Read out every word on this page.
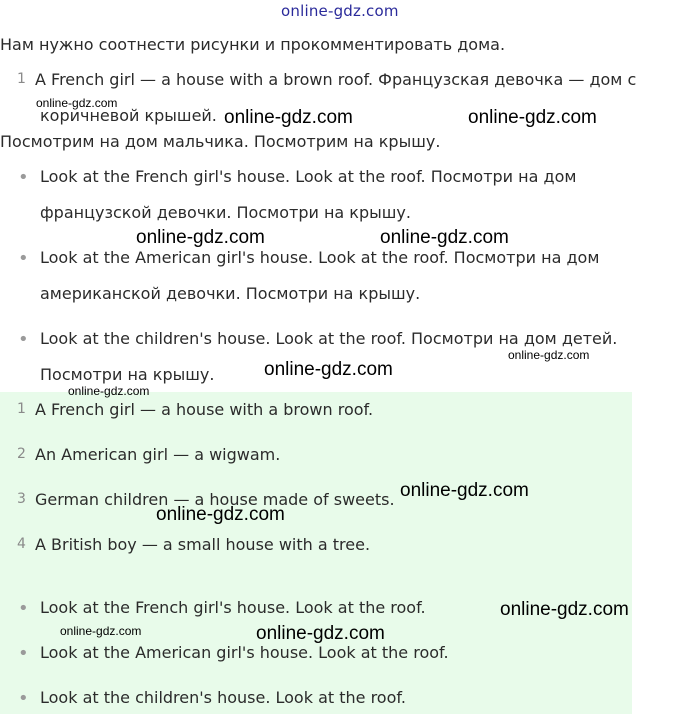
online-gdz.com
Нам нужно соотнести рисунки и прокомментировать дома.
1 A French girl — a house with a brown roof. Французская девочка — дом с
коричневой крышей.
Посмотрим на дом мальчика. Посмотрим на крышу.
• Look at the French girl's house. Look at the roof. Посмотри на дом
французской девочки. Посмотри на крышу.
• Look at the American girl's house. Look at the roof. Посмотри на дом
американской девочки. Посмотри на крышу.
• Look at the children's house. Look at the roof. Посмотри на дом детей.
Посмотри на крышу.
1 A French girl — a house with a brown roof.
2 An American girl — a wigwam.
3 German children — a house made of sweets.
4 A British boy — a small house with a tree.
• Look at the French girl's house. Look at the roof.
• Look at the American girl's house. Look at the roof.
• Look at the children's house. Look at the roof.
online-gdz.com
online-gdz.com	online-gdz.com
online-gdz.com	online-gdz.com
online-gdz.com
online-gdz.com
online-gdz.com
online-gdz.com
online-gdz.com
online-gdz.com
online-gdz.com	online-gdz.com
